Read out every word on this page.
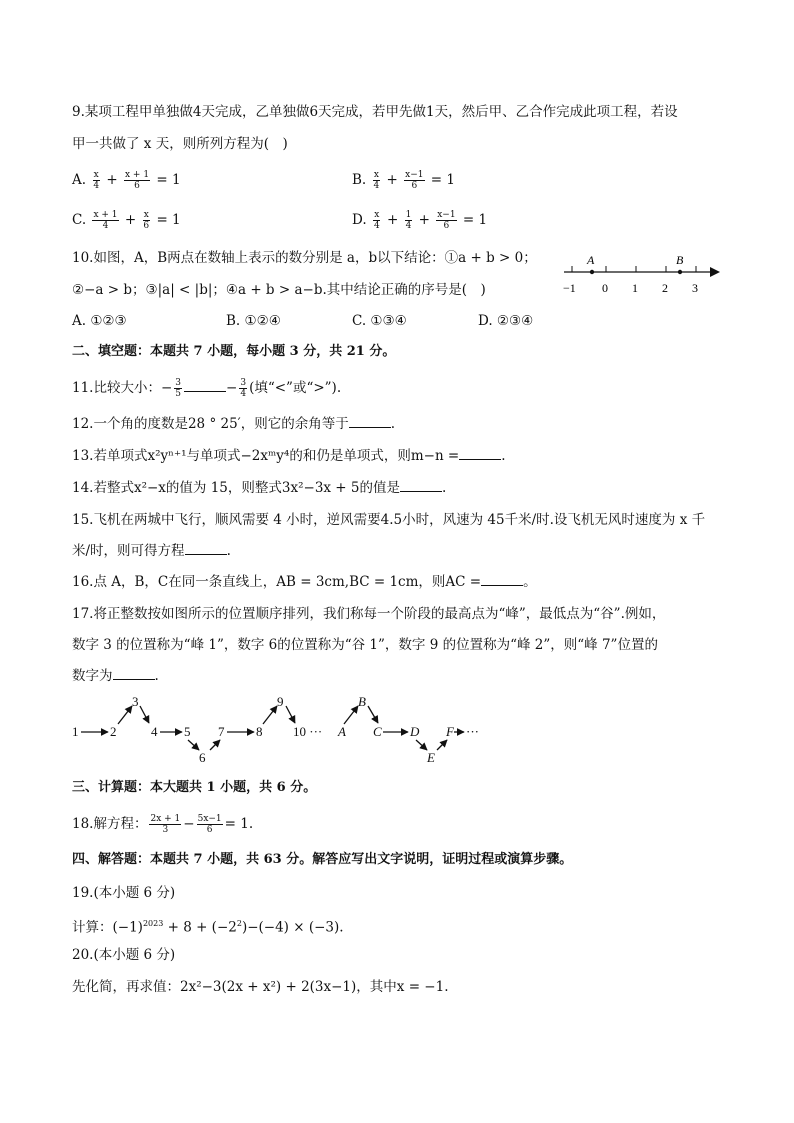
9.某项工程甲单独做4天完成，乙单独做6天完成，若甲先做1天，然后甲、乙合作完成此项工程，若设
甲一共做了 x 天，则所列方程为(　)
A. $\frac{x}{4} + \frac{x + 1}{6} = 1$	B. $\frac{x}{4} + \frac{x-1}{6} = 1$
C. $\frac{x + 1}{4} + \frac{x}{6} = 1$	D. $\frac{x}{4} + \frac{1}{4} + \frac{x-1}{6} = 1$
10.如图，A，B两点在数轴上表示的数分别是 a，b以下结论：①a + b > 0；
②−a > b；③|a| < |b|；④a + b > a−b.其中结论正确的序号是(　)
A. ①②③	B. ①②④	C. ①③④	D. ②③④
A	B
−1 0 1 2 3
二、填空题：本题共 7 小题，每小题 3 分，共 21 分。
11.比较大小：− $\frac{3}{5}$	− $\frac{3}{4}$ (填“<”或“>”).
12.一个角的度数是28 ° 25′，则它的余角等于	.
13.若单项式x²yⁿ⁺¹与单项式−2xᵐy⁴的和仍是单项式，则m−n =	.
14.若整式x²−x的值为 15，则整式3x²−3x + 5的值是	.
15.飞机在两城中飞行，顺风需要 4 小时，逆风需要4.5小时，风速为 45千米/时.设飞机无风时速度为 x 千
米/时，则可得方程	.
16.点 A，B，C在同一条直线上，AB = 3cm,BC = 1cm，则AC =	。
17.将正整数按如图所示的位置顺序排列，我们称每一个阶段的最高点为“峰”，最低点为“谷”.例如，
数字 3 的位置称为“峰 1”，数字 6的位置称为“谷 1”，数字 9 的位置称为“峰 2”，则“峰 7”位置的
数字为	.
1 2
3
4 5
6
7 8
9
10 ··· A
B
C D
E
F ···
三、计算题：本大题共 1 小题，共 6 分。
18.解方程： $\frac{2x + 1}{3} - \frac{5x-1}{6} = 1$.
四、解答题：本题共 7 小题，共 63 分。解答应写出文字说明，证明过程或演算步骤。
19.(本小题 6 分)
计算：$(-1)^{2023} + 8 + (-2^2)-(-4) \times (-3)$.
20.(本小题 6 分)
先化简，再求值：2x²−3(2x + x²) + 2(3x−1)，其中x = −1.
